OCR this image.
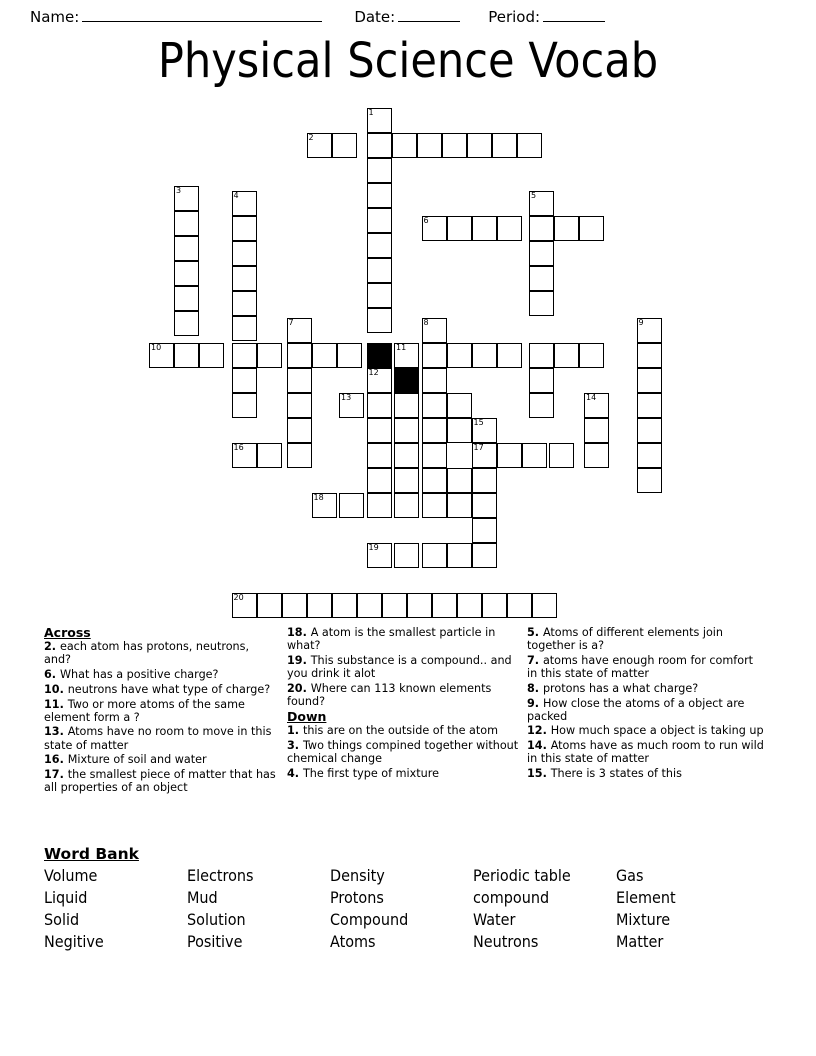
Name:	Date:	Period:
Physical Science Vocab
1
2
3
4	5
6
7	8	9
10	11
12
13	14
15
16	17
18
19
20
Across
2. each atom has protons, neutrons, and?
6. What has a positive charge?
10. neutrons have what type of charge?
11. Two or more atoms of the same element form a ?
13. Atoms have no room to move in this state of matter
16. Mixture of soil and water
17. the smallest piece of matter that has all properties of an object
18. A atom is the smallest particle in what?
19. This substance is a compound.. and you drink it alot
20. Where can 113 known elements found?
Down
1. this are on the outside of the atom
3. Two things compined together without chemical change
4. The first type of mixture
5. Atoms of different elements join together is a?
7. atoms have enough room for comfort in this state of matter
8. protons has a what charge?
9. How close the atoms of a object are packed
12. How much space a object is taking up
14. Atoms have as much room to run wild in this state of matter
15. There is 3 states of this
Word Bank
Volume	Electrons	Density	Periodic table	Gas
Liquid	Mud	Protons	compound	Element
Solid	Solution	Compound	Water	Mixture
Negitive	Positive	Atoms	Neutrons	Matter
